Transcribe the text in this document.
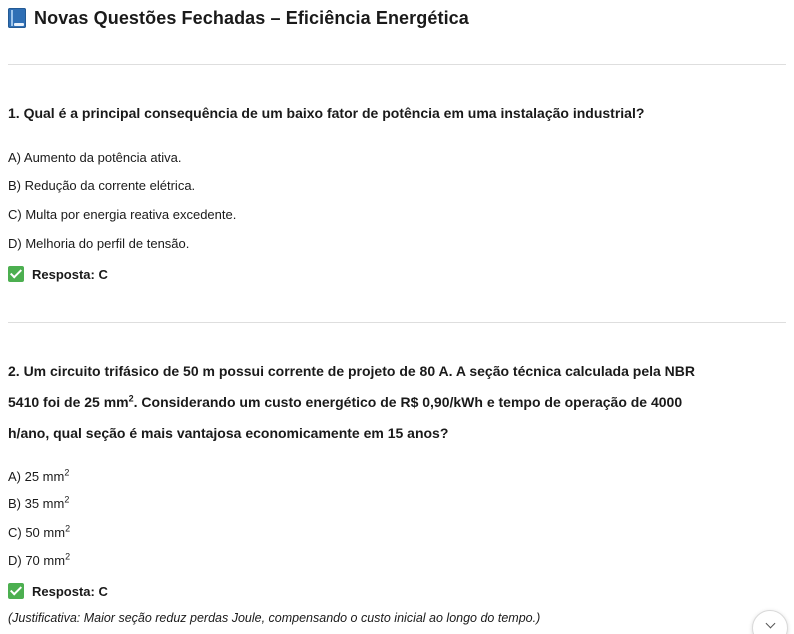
Novas Questões Fechadas – Eficiência Energética
1. Qual é a principal consequência de um baixo fator de potência em uma instalação industrial?
A) Aumento da potência ativa.
B) Redução da corrente elétrica.
C) Multa por energia reativa excedente.
D) Melhoria do perfil de tensão.
Resposta: C
2. Um circuito trifásico de 50 m possui corrente de projeto de 80 A. A seção técnica calculada pela NBR
5410 foi de 25 $mm^2$. Considerando um custo energético de R$ 0,90/kWh e tempo de operação de 4000
h/ano, qual seção é mais vantajosa economicamente em 15 anos?
A) 25 $mm^2$
B) 35 $mm^2$
C) 50 $mm^2$
D) 70 $mm^2$
Resposta: C
(Justificativa: Maior seção reduz perdas Joule, compensando o custo inicial ao longo do tempo.)
